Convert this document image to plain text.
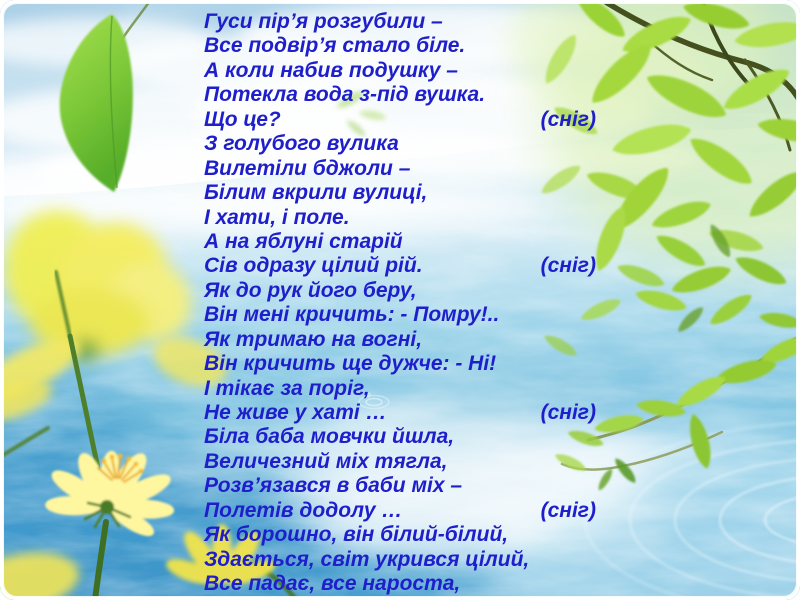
Гуси пір’я розгубили –
Все подвір’я стало біле.
А коли набив подушку –
Потекла вода з-під вушка.
Що це?	(сніг)
З голубого вулика
Вилетіли бджоли –
Білим вкрили вулиці,
І хати, і поле.
А на яблуні старій
Сів одразу цілий рій.	(сніг)
Як до рук його беру,
Він мені кричить: - Помру!..
Як тримаю на вогні,
Він кричить ще дужче: - Ні!
І тікає за поріг,
Не живе у хаті …	(сніг)
Біла баба мовчки йшла,
Величезний міх тягла,
Розв’язався в баби міх –
Полетів додолу …	(сніг)
Як борошно, він білий-білий,
Здається, світ укрився цілий,
Все падає, все нароста,
